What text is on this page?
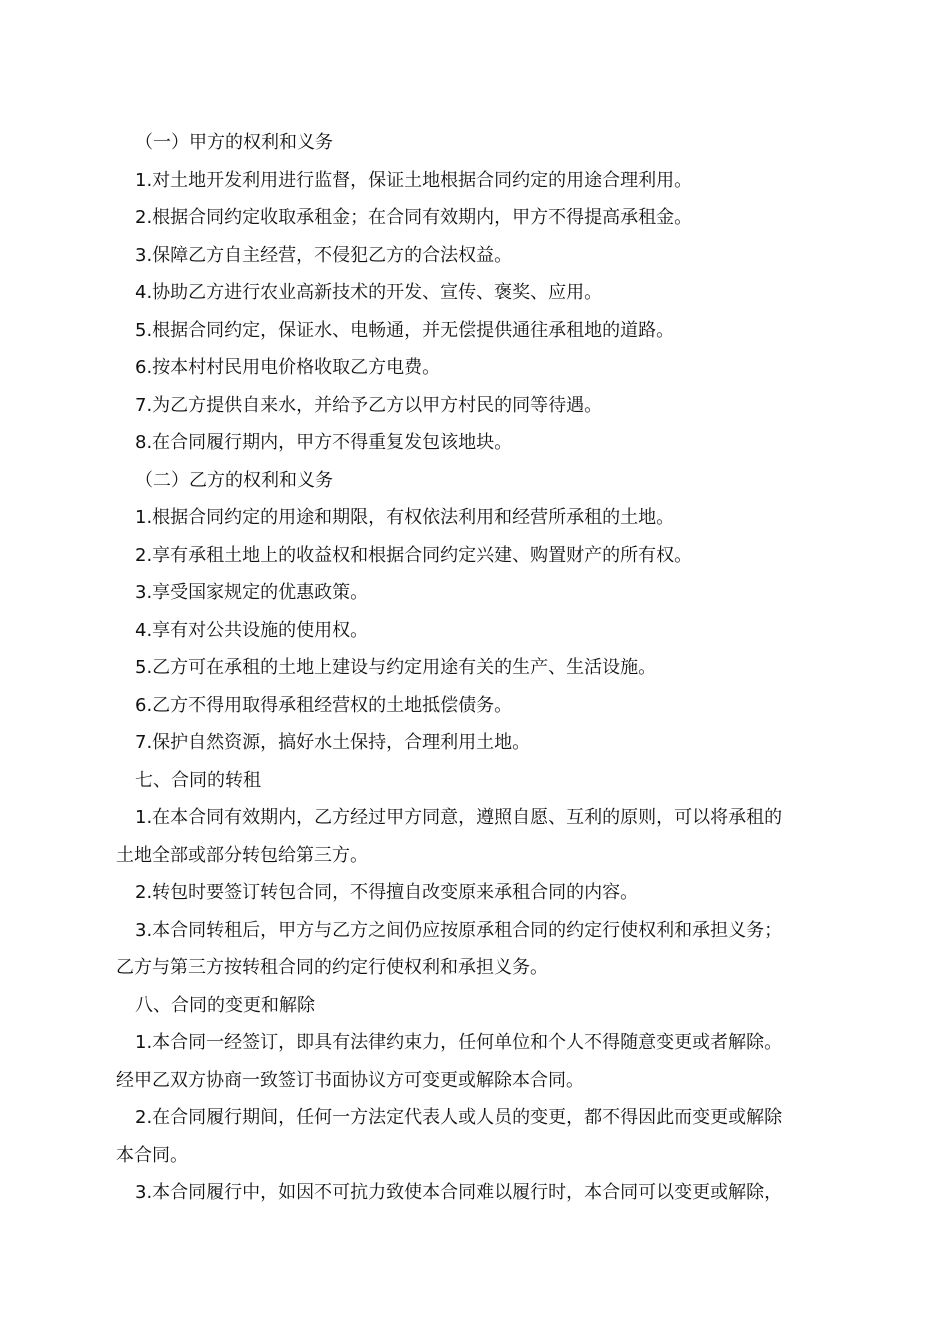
（一）甲方的权利和义务
1.对土地开发利用进行监督，保证土地根据合同约定的用途合理利用。
2.根据合同约定收取承租金；在合同有效期内，甲方不得提高承租金。
3.保障乙方自主经营，不侵犯乙方的合法权益。
4.协助乙方进行农业高新技术的开发、宣传、褒奖、应用。
5.根据合同约定，保证水、电畅通，并无偿提供通往承租地的道路。
6.按本村村民用电价格收取乙方电费。
7.为乙方提供自来水，并给予乙方以甲方村民的同等待遇。
8.在合同履行期内，甲方不得重复发包该地块。
（二）乙方的权利和义务
1.根据合同约定的用途和期限，有权依法利用和经营所承租的土地。
2.享有承租土地上的收益权和根据合同约定兴建、购置财产的所有权。
3.享受国家规定的优惠政策。
4.享有对公共设施的使用权。
5.乙方可在承租的土地上建设与约定用途有关的生产、生活设施。
6.乙方不得用取得承租经营权的土地抵偿债务。
7.保护自然资源，搞好水土保持，合理利用土地。
七、合同的转租
1.在本合同有效期内，乙方经过甲方同意，遵照自愿、互利的原则，可以将承租的
土地全部或部分转包给第三方。
2.转包时要签订转包合同，不得擅自改变原来承租合同的内容。
3.本合同转租后，甲方与乙方之间仍应按原承租合同的约定行使权利和承担义务；
乙方与第三方按转租合同的约定行使权利和承担义务。
八、合同的变更和解除
1.本合同一经签订，即具有法律约束力，任何单位和个人不得随意变更或者解除。
经甲乙双方协商一致签订书面协议方可变更或解除本合同。
2.在合同履行期间，任何一方法定代表人或人员的变更，都不得因此而变更或解除
本合同。
3.本合同履行中，如因不可抗力致使本合同难以履行时，本合同可以变更或解除，
